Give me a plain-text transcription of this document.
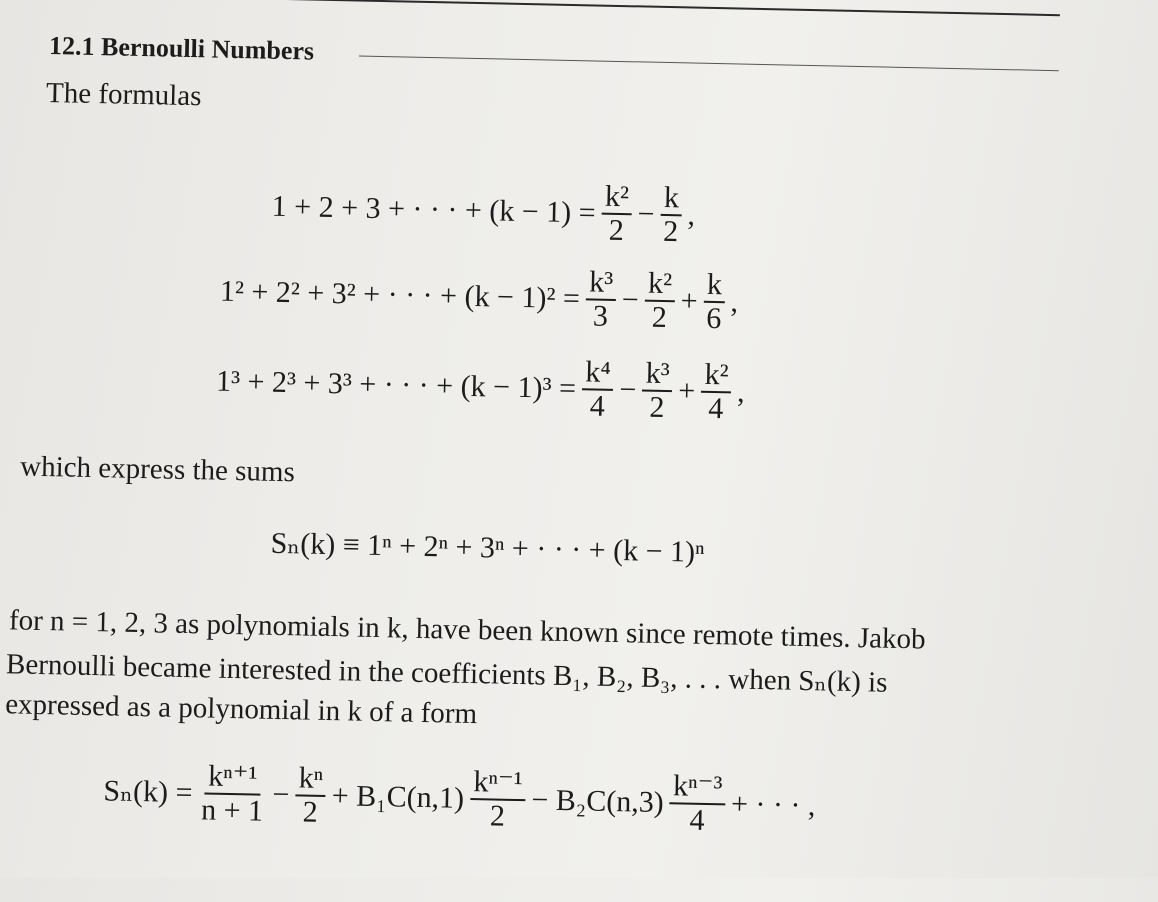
12.1 Bernoulli Numbers
The formulas
1 + 2 + 3 + · · · + $(k - 1) = \frac{\text{k²}}{2} - \frac{k}{2}$ ,
1² + 2² + 3² + · · · + $(k - 1)^2 = \frac{\text{k³}}{3} - \frac{\text{k²}}{2} + \frac{k}{6}$ ,
1³ + 2³ + 3³ + · · · + $(k - 1)^3 = \frac{\text{k⁴}}{4} - \frac{\text{k³}}{2} + \frac{\text{k²}}{4}$ ,
which express the sums
Sₙ(k) ≡ 1ⁿ + 2ⁿ + 3ⁿ + · · · + (k − 1)ⁿ
for n = 1, 2, 3 as polynomials in k, have been known since remote times. Jakob
Bernoulli became interested in the coefficients B₁, B₂, B₃, . . . when Sₙ(k) is
expressed as a polynomial in k of a form
$S_n(k) = \frac{\text{kⁿ⁺¹}}{n + 1} - \frac{\text{kⁿ}}{2} + B_1C(n,1) \frac{\text{kⁿ⁻¹}}{2} - B_2C(n,3) \frac{\text{kⁿ⁻³}}{4}$ + · · · ,
